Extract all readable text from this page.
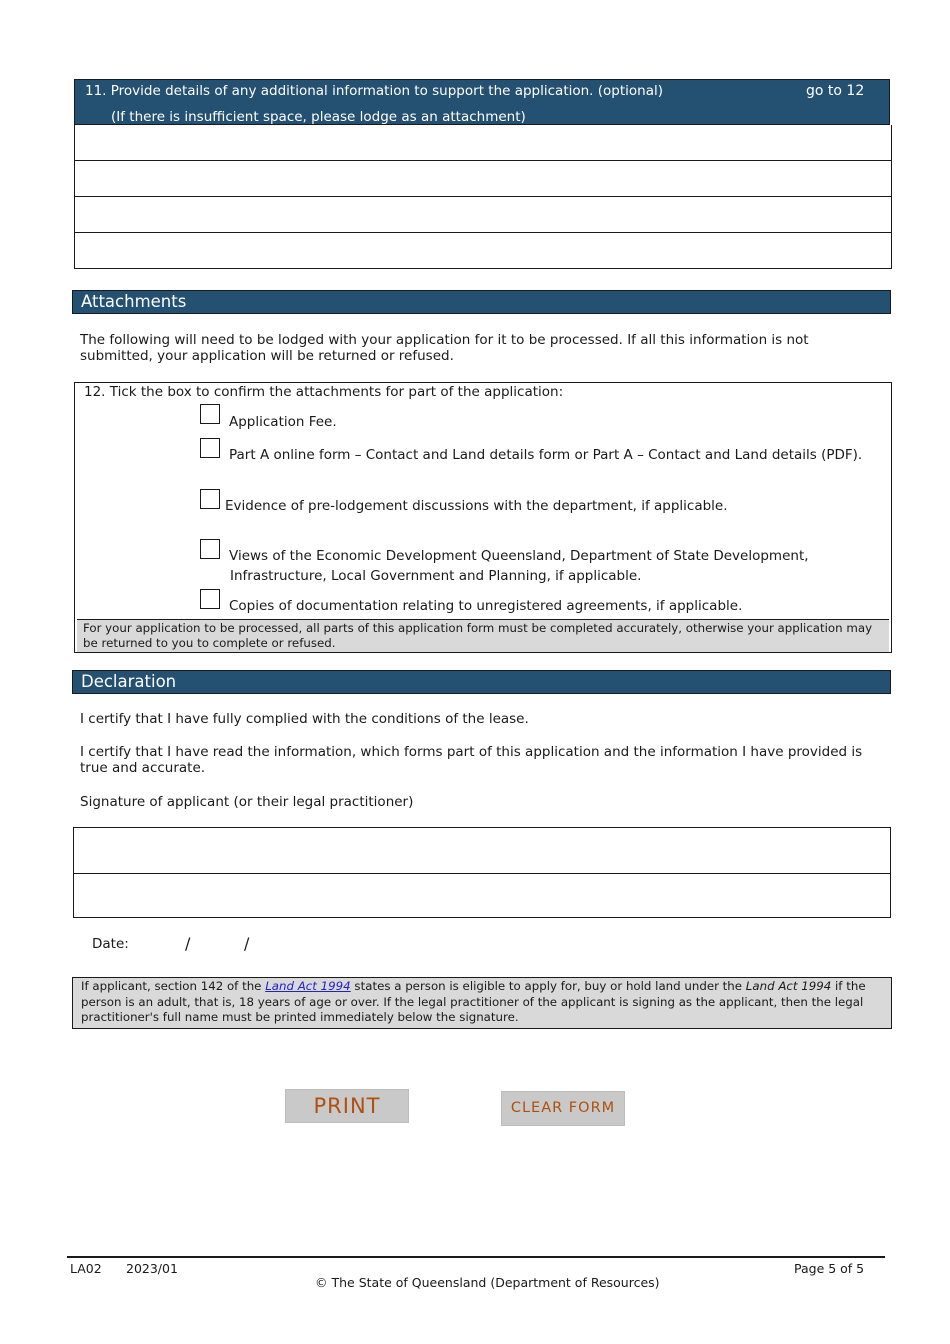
11. Provide details of any additional information to support the application. (optional)	go to 12
(If there is insufficient space, please lodge as an attachment)
Attachments
The following will need to be lodged with your application for it to be processed. If all this information is not submitted, your application will be returned or refused.
12. Tick the box to confirm the attachments for part of the application:
Application Fee.
Part A online form – Contact and Land details form or Part A – Contact and Land details (PDF).
Evidence of pre-lodgement discussions with the department, if applicable.
Views of the Economic Development Queensland, Department of State Development,
Infrastructure, Local Government and Planning, if applicable.
Copies of documentation relating to unregistered agreements, if applicable.
For your application to be processed, all parts of this application form must be completed accurately, otherwise your application may be returned to you to complete or refused.
Declaration
I certify that I have fully complied with the conditions of the lease.
I certify that I have read the information, which forms part of this application and the information I have provided is true and accurate.
Signature of applicant (or their legal practitioner)
Date:	/	/
If applicant, section 142 of the Land Act 1994 states a person is eligible to apply for, buy or hold land under the Land Act 1994 if the person is an adult, that is, 18 years of age or over. If the legal practitioner of the applicant is signing as the applicant, then the legal practitioner's full name must be printed immediately below the signature.
PRINT	CLEAR FORM
LA02 2023/01	Page 5 of 5
© The State of Queensland (Department of Resources)
